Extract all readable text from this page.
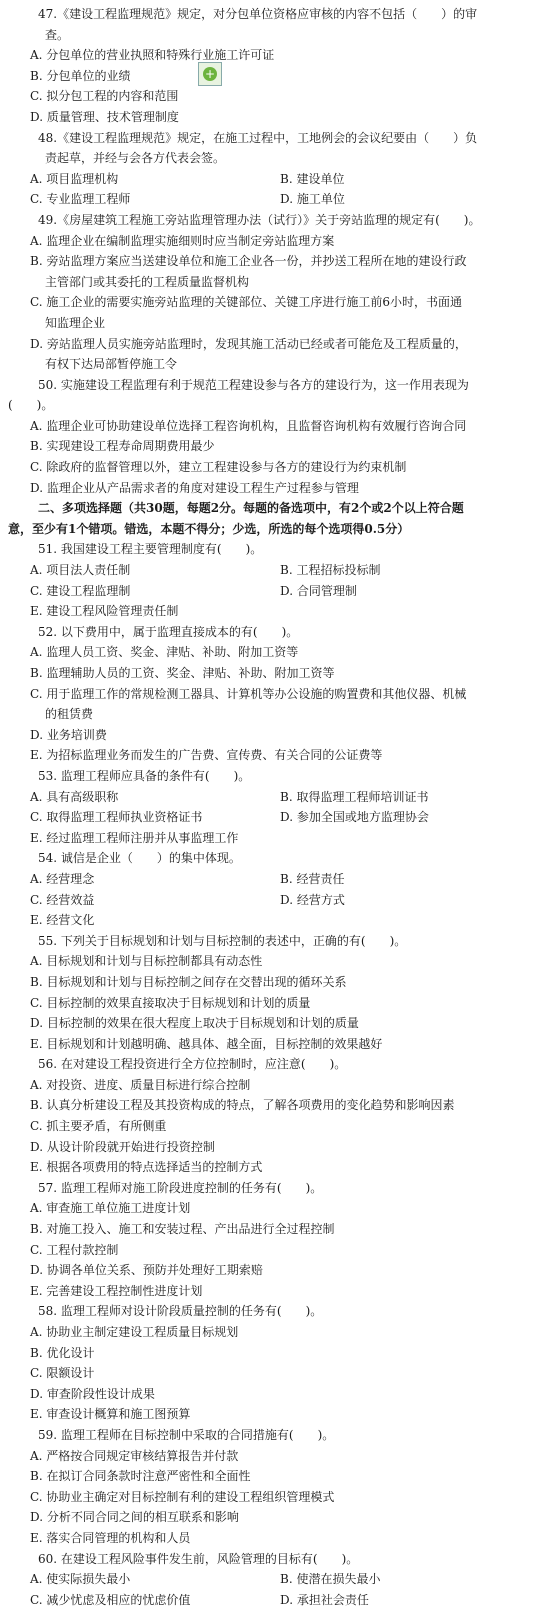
47.《建设工程监理规范》规定，对分包单位资格应审核的内容不包括（　　）的审
查。
A. 分包单位的营业执照和特殊行业施工许可证
B. 分包单位的业绩
C. 拟分包工程的内容和范围
D. 质量管理、技术管理制度
48.《建设工程监理规范》规定，在施工过程中，工地例会的会议纪要由（　　）负
责起草，并经与会各方代表会签。
A. 项目监理机构	B. 建设单位
C. 专业监理工程师	D. 施工单位
49.《房屋建筑工程施工旁站监理管理办法（试行）》关于旁站监理的规定有(　　)。
A. 监理企业在编制监理实施细则时应当制定旁站监理方案
B. 旁站监理方案应当送建设单位和施工企业各一份，并抄送工程所在地的建设行政
主管部门或其委托的工程质量监督机构
C. 施工企业的需要实施旁站监理的关键部位、关键工序进行施工前6小时，书面通
知监理企业
D. 旁站监理人员实施旁站监理时，发现其施工活动已经或者可能危及工程质量的，
有权下达局部暂停施工令
50. 实施建设工程监理有利于规范工程建设参与各方的建设行为，这一作用表现为
(　　)。
A. 监理企业可协助建设单位选择工程咨询机构，且监督咨询机构有效履行咨询合同
B. 实现建设工程寿命周期费用最少
C. 除政府的监督管理以外，建立工程建设参与各方的建设行为约束机制
D. 监理企业从产品需求者的角度对建设工程生产过程参与管理
二、多项选择题（共30题，每题2分。每题的备选项中，有2个或2个以上符合题
意，至少有1个错项。错选，本题不得分；少选，所选的每个选项得0.5分）
51. 我国建设工程主要管理制度有(　　)。
A. 项目法人责任制	B. 工程招标投标制
C. 建设工程监理制	D. 合同管理制
E. 建设工程风险管理责任制
52. 以下费用中，属于监理直接成本的有(　　)。
A. 监理人员工资、奖金、津贴、补助、附加工资等
B. 监理辅助人员的工资、奖金、津贴、补助、附加工资等
C. 用于监理工作的常规检测工器具、计算机等办公设施的购置费和其他仪器、机械
的租赁费
D. 业务培训费
E. 为招标监理业务而发生的广告费、宣传费、有关合同的公证费等
53. 监理工程师应具备的条件有(　　)。
A. 具有高级职称	B. 取得监理工程师培训证书
C. 取得监理工程师执业资格证书	D. 参加全国或地方监理协会
E. 经过监理工程师注册并从事监理工作
54. 诚信是企业（　　）的集中体现。
A. 经营理念	B. 经营责任
C. 经营效益	D. 经营方式
E. 经营文化
55. 下列关于目标规划和计划与目标控制的表述中，正确的有(　　)。
A. 目标规划和计划与目标控制都具有动态性
B. 目标规划和计划与目标控制之间存在交替出现的循环关系
C. 目标控制的效果直接取决于目标规划和计划的质量
D. 目标控制的效果在很大程度上取决于目标规划和计划的质量
E. 目标规划和计划越明确、越具体、越全面，目标控制的效果越好
56. 在对建设工程投资进行全方位控制时，应注意(　　)。
A. 对投资、进度、质量目标进行综合控制
B. 认真分析建设工程及其投资构成的特点，了解各项费用的变化趋势和影响因素
C. 抓主要矛盾，有所侧重
D. 从设计阶段就开始进行投资控制
E. 根据各项费用的特点选择适当的控制方式
57. 监理工程师对施工阶段进度控制的任务有(　　)。
A. 审查施工单位施工进度计划
B. 对施工投入、施工和安装过程、产出品进行全过程控制
C. 工程付款控制
D. 协调各单位关系、预防并处理好工期索赔
E. 完善建设工程控制性进度计划
58. 监理工程师对设计阶段质量控制的任务有(　　)。
A. 协助业主制定建设工程质量目标规划
B. 优化设计
C. 限额设计
D. 审查阶段性设计成果
E. 审查设计概算和施工图预算
59. 监理工程师在目标控制中采取的合同措施有(　　)。
A. 严格按合同规定审核结算报告并付款
B. 在拟订合同条款时注意严密性和全面性
C. 协助业主确定对目标控制有利的建设工程组织管理模式
D. 分析不同合同之间的相互联系和影响
E. 落实合同管理的机构和人员
60. 在建设工程风险事件发生前，风险管理的目标有(　　)。
A. 使实际损失最小	B. 使潜在损失最小
C. 减少忧虑及相应的忧虑价值	D. 承担社会责任
+
